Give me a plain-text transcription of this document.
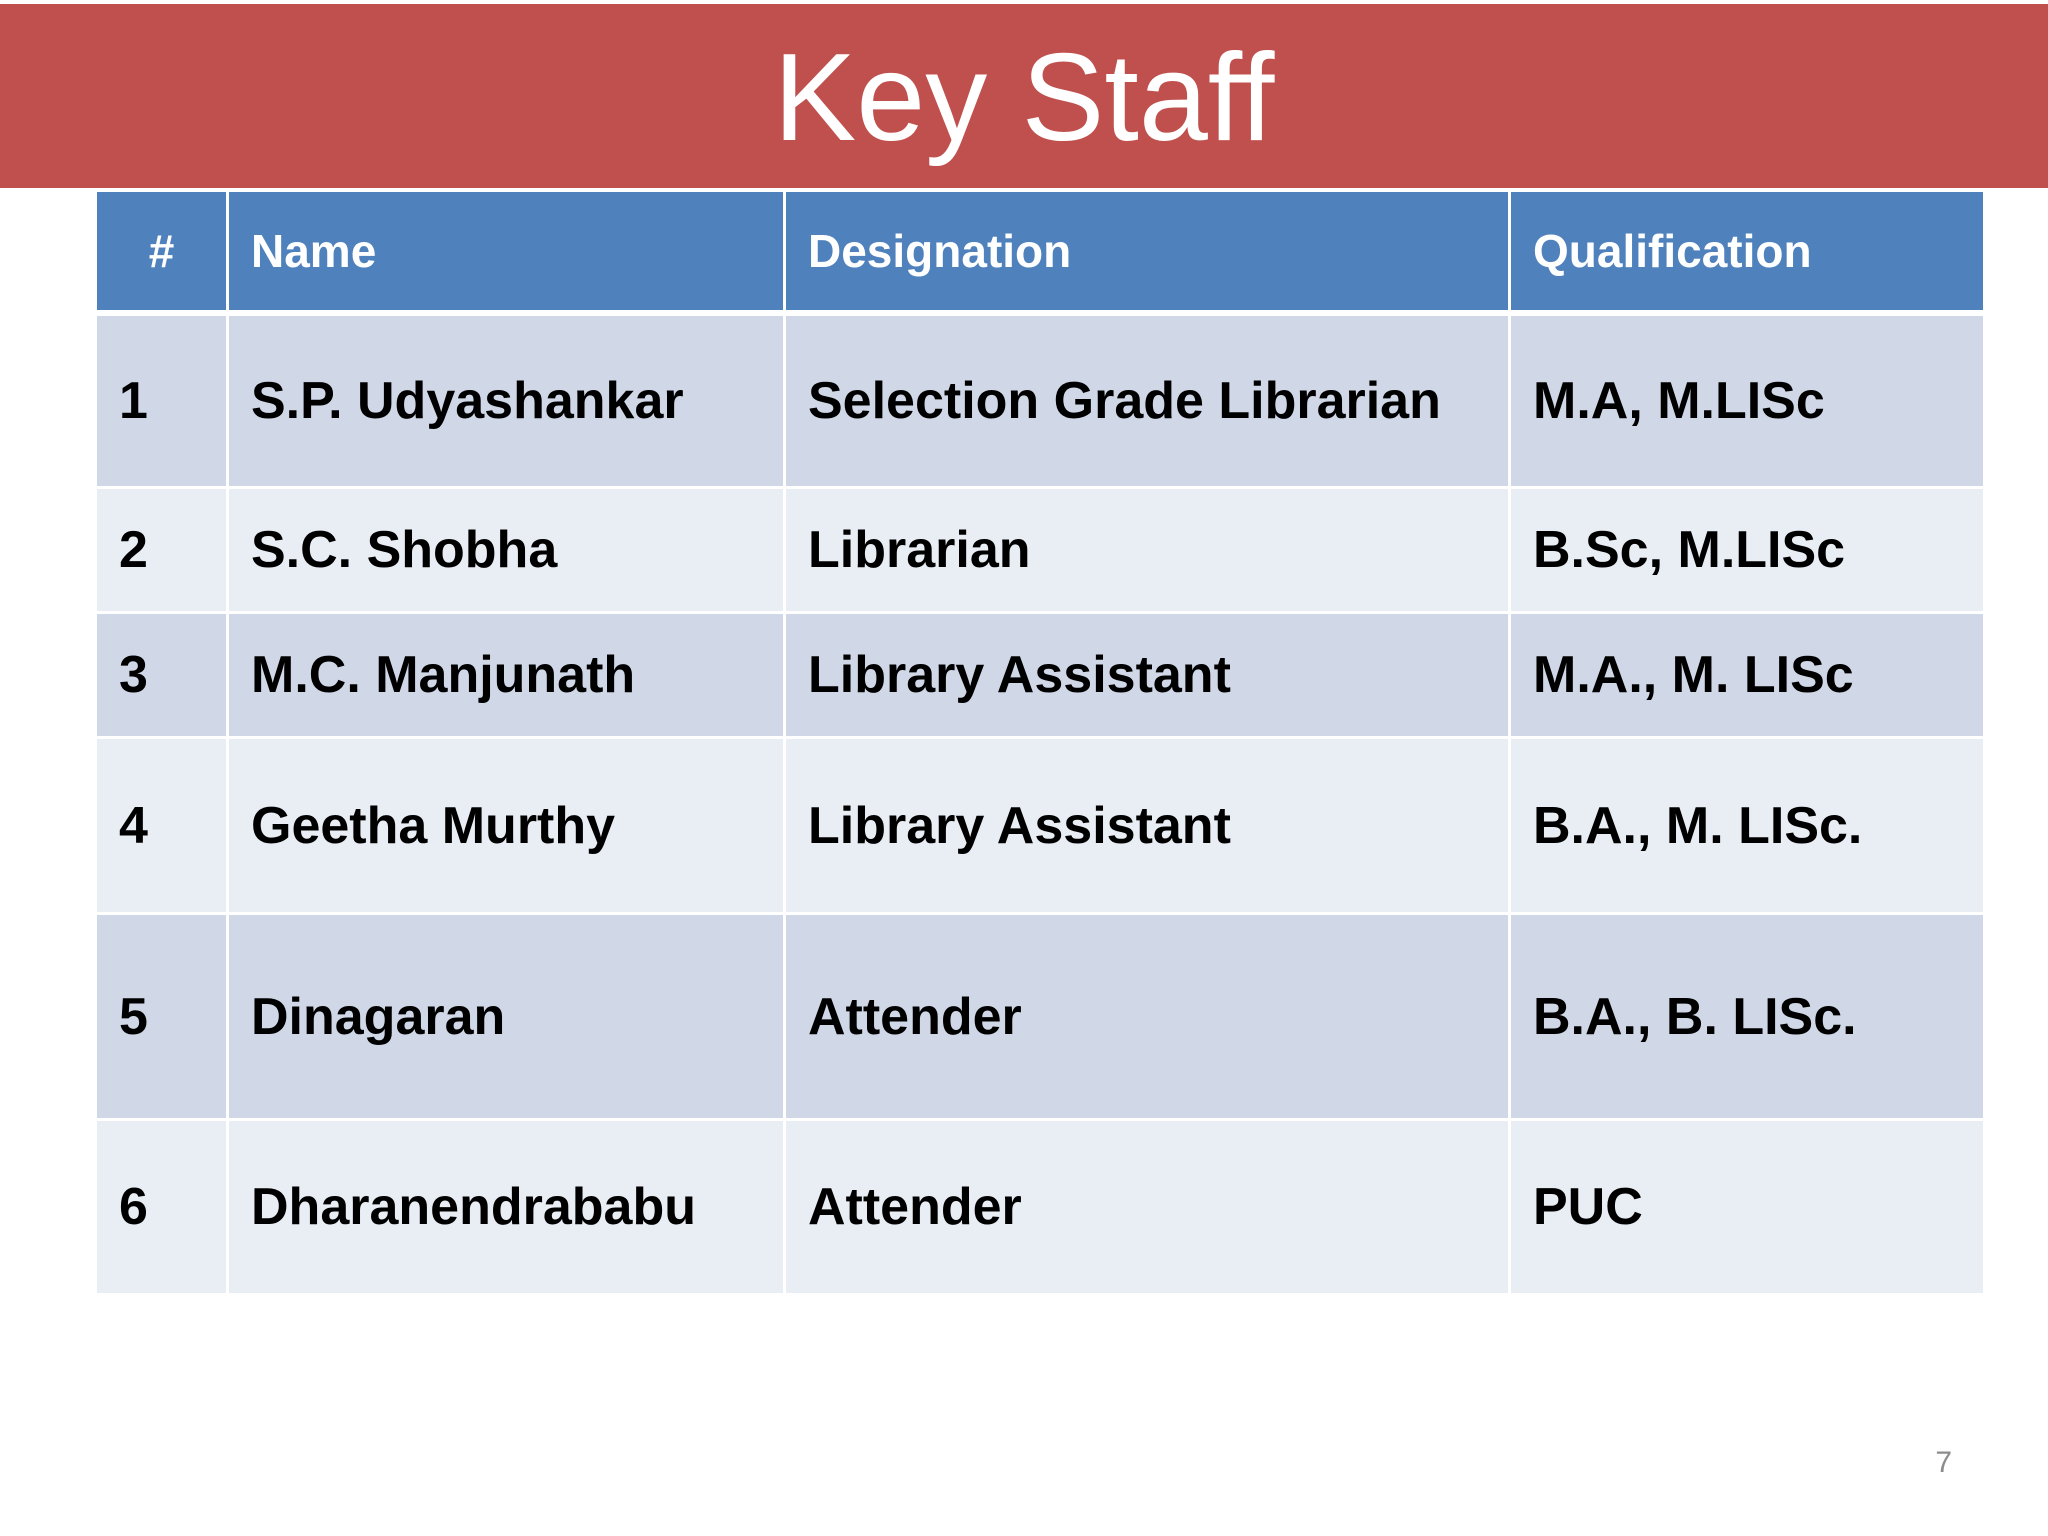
Key Staff
#	Name	Designation	Qualification
1	S.P. Udyashankar	Selection Grade Librarian	M.A, M.LISc
2	S.C. Shobha	Librarian	B.Sc, M.LISc
3	M.C. Manjunath	Library Assistant	M.A., M. LISc
4	Geetha Murthy	Library Assistant	B.A., M. LISc.
5	Dinagaran	Attender	B.A., B. LISc.
6	Dharanendrababu	Attender	PUC
7
